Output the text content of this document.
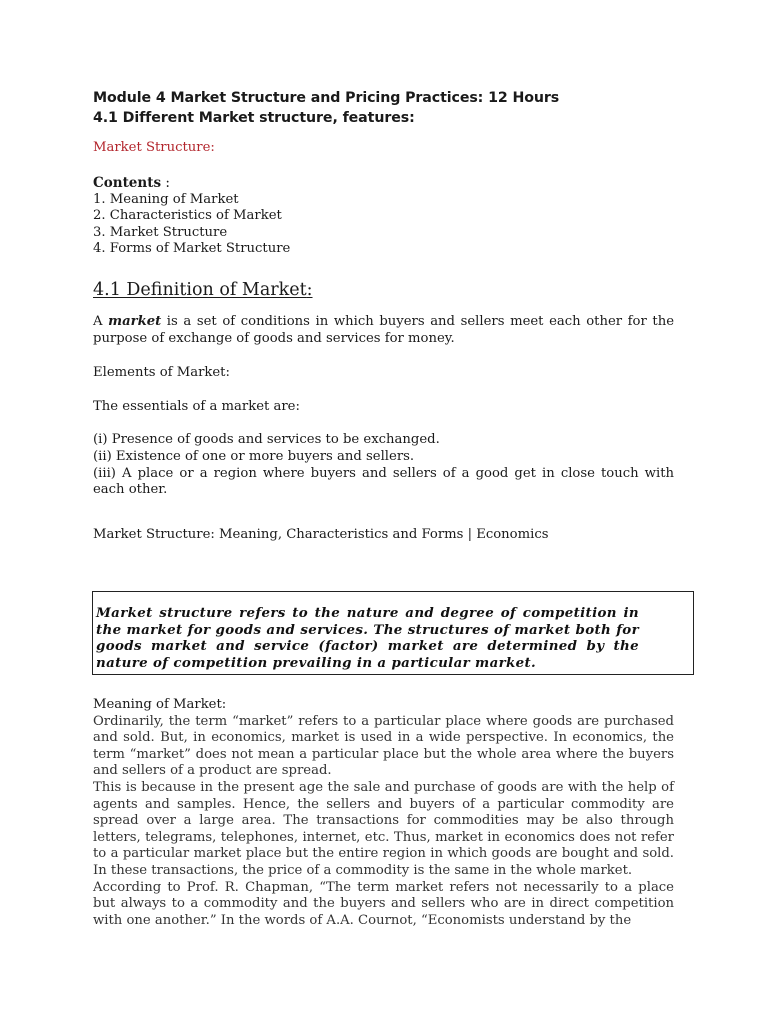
Module 4 Market Structure and Pricing Practices: 12 Hours

4.1 Different Market structure, features:

Market Structure:

Contents :
1. Meaning of Market
2. Characteristics of Market
3. Market Structure
4. Forms of Market Structure
4.1 Definition of Market:

A market is a set of conditions in which buyers and sellers meet each other for the purpose of exchange of goods and services for money.

Elements of Market:

The essentials of a market are:

(i) Presence of goods and services to be exchanged.

(ii) Existence of one or more buyers and sellers.

(iii) A place or a region where buyers and sellers of a good get in close touch with each other.

Market Structure: Meaning, Characteristics and Forms | Economics

Market structure refers to the nature and degree of competition in the market for goods and services. The structures of market both for goods market and service (factor) market are determined by the nature of competition prevailing in a particular market.

Meaning of Market:

Ordinarily, the term “market” refers to a particular place where goods are purchased and sold. But, in economics, market is used in a wide perspective. In economics, the term “market” does not mean a particular place but the whole area where the buyers and sellers of a product are spread.

This is because in the present age the sale and purchase of goods are with the help of agents and samples. Hence, the sellers and buyers of a particular commodity are spread over a large area. The transactions for commodities may be also through letters, telegrams, telephones, internet, etc. Thus, market in economics does not refer to a particular market place but the entire region in which goods are bought and sold. In these transactions, the price of a commodity is the same in the whole market.

According to Prof. R. Chapman, “The term market refers not necessarily to a place but always to a commodity and the buyers and sellers who are in direct competition with one another.” In the words of A.A. Cournot, “Economists understand by the
